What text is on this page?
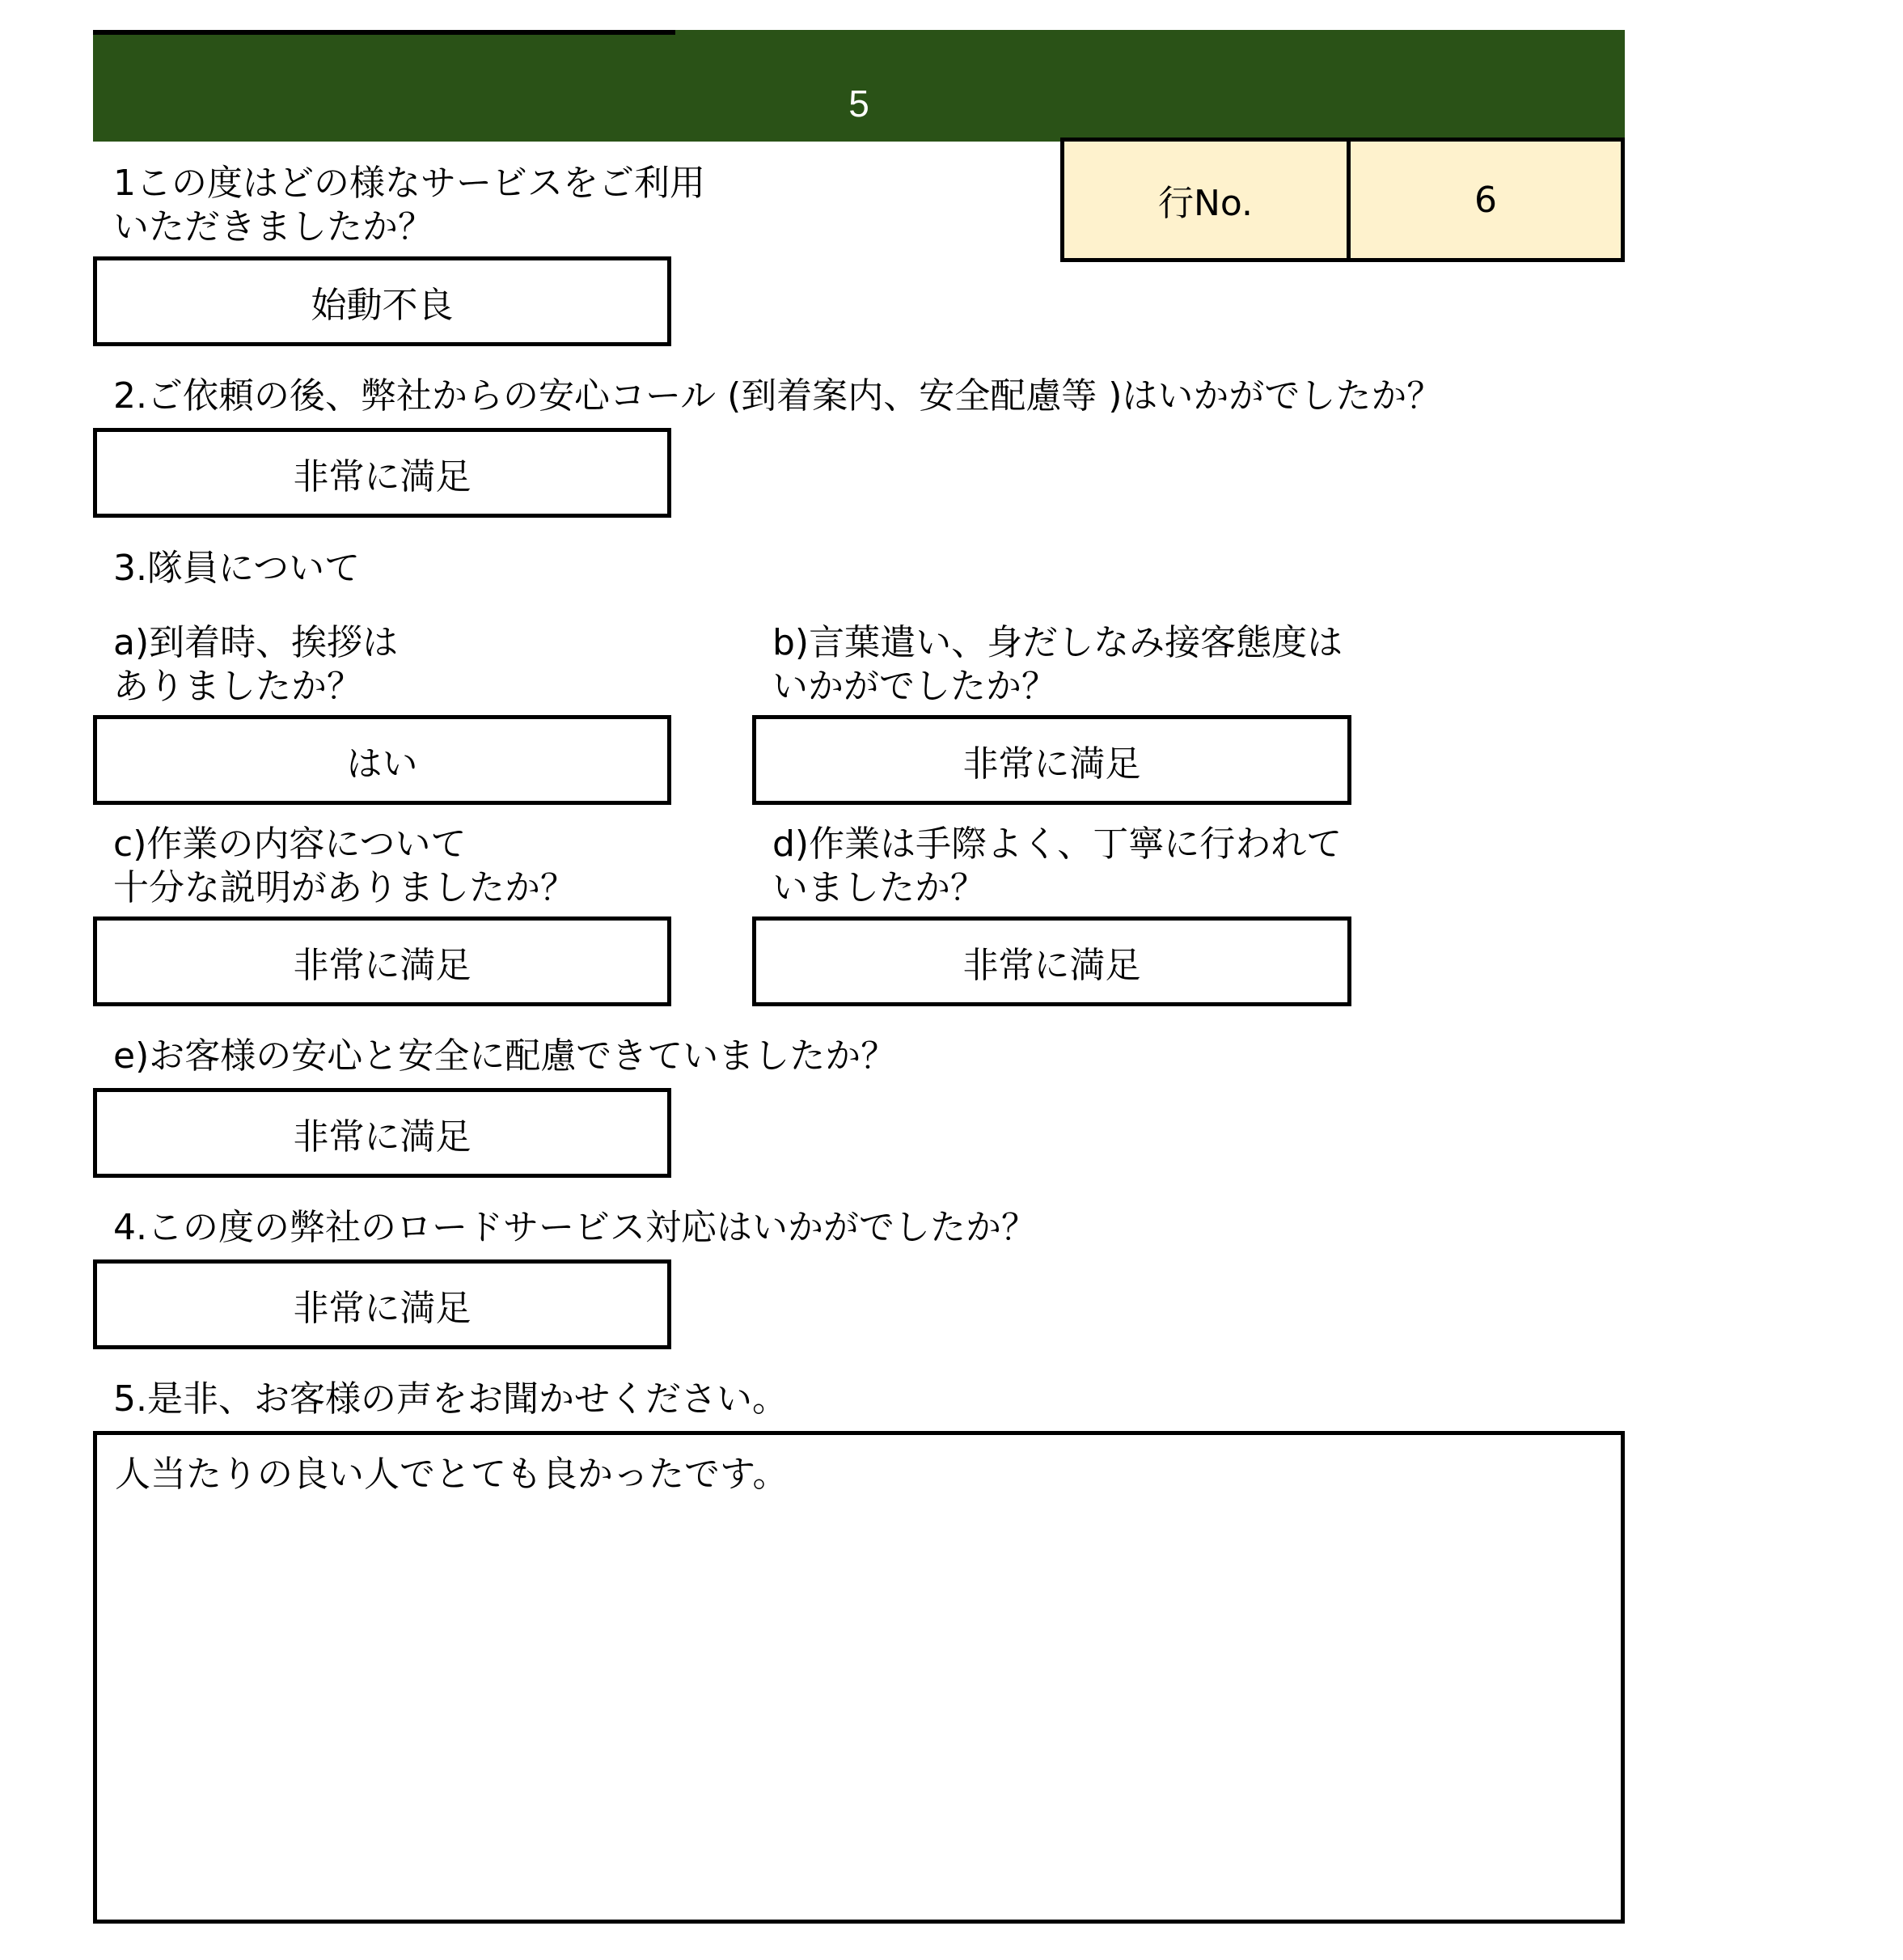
5
行No.	6
1この度はどの様なサービスをご利用
いただきましたか？
始動不良
2.ご依頼の後、弊社からの安心コール (到着案内、安全配慮等 )はいかがでしたか？
非常に満足
3.隊員について
a)到着時、挨拶は
ありましたか？
はい
b)言葉遣い、身だしなみ接客態度は
いかがでしたか？
非常に満足
c)作業の内容について
十分な説明がありましたか？
非常に満足
d)作業は手際よく、丁寧に行われて
いましたか？
非常に満足
e)お客様の安心と安全に配慮できていましたか？
非常に満足
4.この度の弊社のロードサービス対応はいかがでしたか？
非常に満足
5.是非、お客様の声をお聞かせください。
人当たりの良い人でとても良かったです。
